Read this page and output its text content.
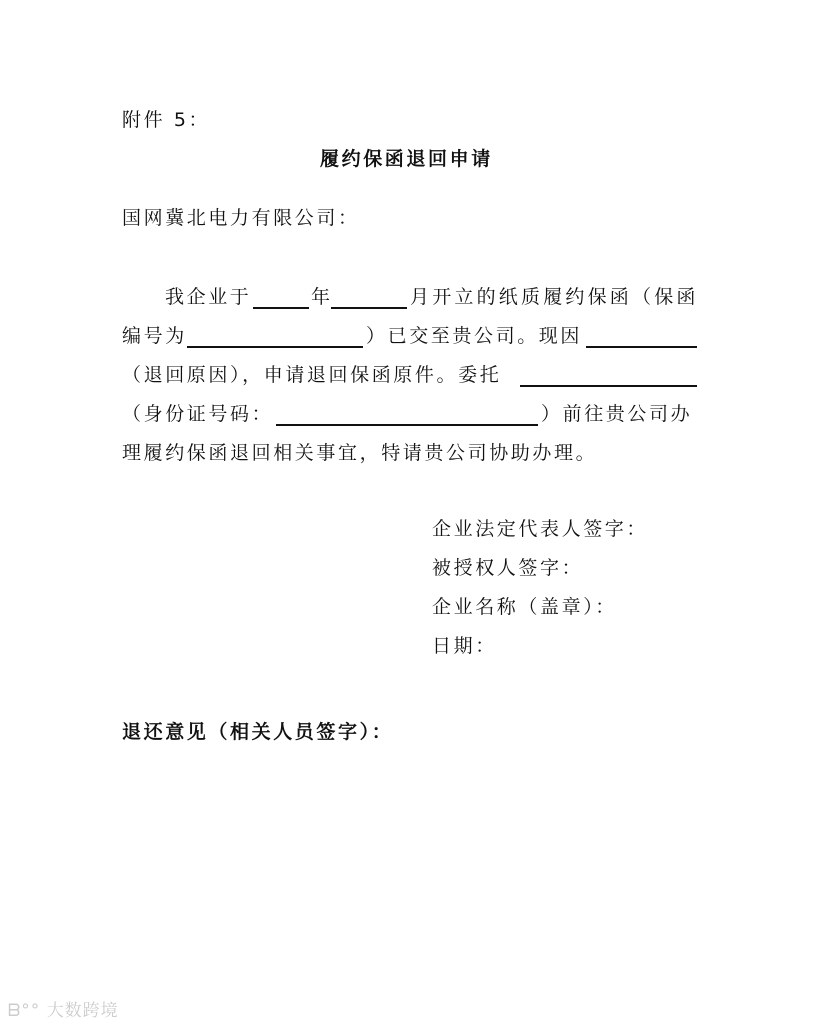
附件 5：
履约保函退回申请
国网冀北电力有限公司：
我企业于	年	月开立的纸质履约保函（保函
编号为	）已交至贵公司。现因
（退回原因），申请退回保函原件。委托
（身份证号码：	）前往贵公司办
理履约保函退回相关事宜，特请贵公司协助办理。
企业法定代表人签字：
被授权人签字：
企业名称（盖章）：
日期：
退还意见（相关人员签字）：
ᗷ°° 大数跨境
